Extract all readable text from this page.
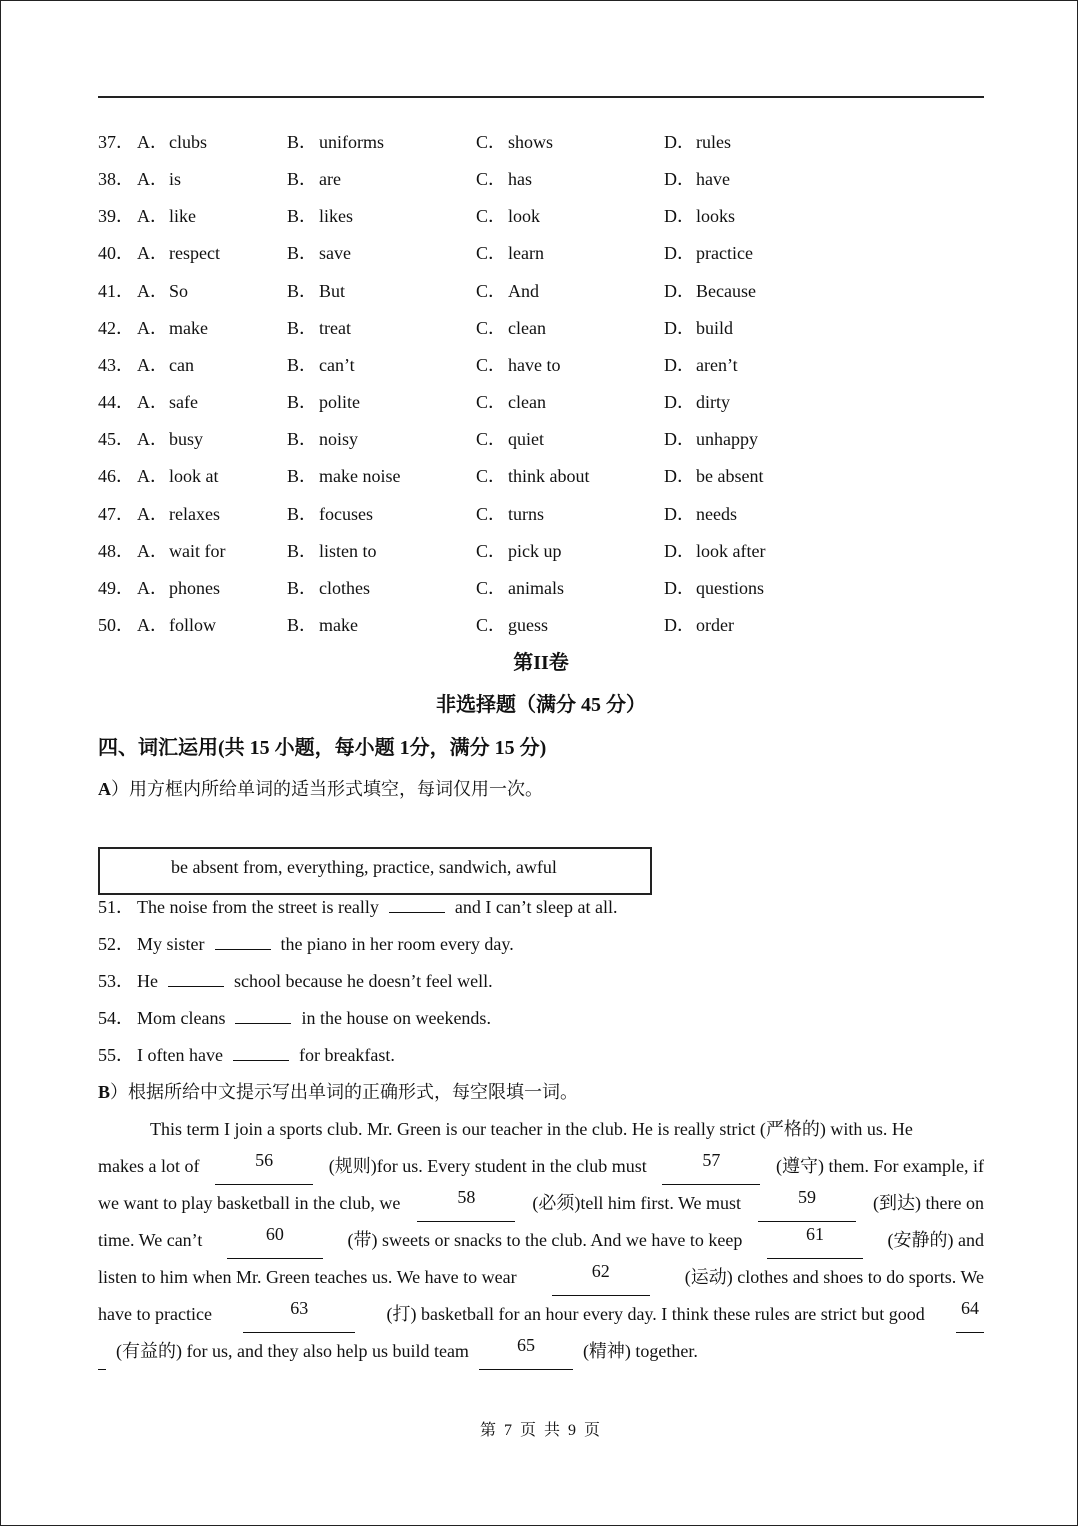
37． A．clubs	B． uniforms	C． shows	D．rules
38． A．is	B． are	C． has	D．have
39． A．like	B． likes	C． look	D．looks
40． A．respect	B． save	C． learn	D．practice
41． A．So	B． But	C． And	D．Because
42． A．make	B． treat	C． clean	D．build
43． A．can	B． can’t	C． have to	D．aren’t
44． A．safe	B． polite	C． clean	D．dirty
45． A．busy	B． noisy	C． quiet	D．unhappy
46． A．look at	B． make noise	C． think about	D．be absent
47． A．relaxes	B． focuses	C． turns	D．needs
48． A．wait for	B． listen to	C． pick up	D．look after
49． A．phones	B． clothes	C． animals	D．questions
50． A．follow	B． make	C． guess	D．order
第II卷
非选择题（满分 45 分）
四、词汇运用(共 15 小题，每小题 1分，满分 15 分)
A）用方框内所给单词的适当形式填空，每词仅用一次。
be absent from, everything, practice, sandwich, awful
51． The noise from the street is really	and I can’t sleep at all.
52． My sister	the piano in her room every day.
53． He	school because he doesn’t feel well.
54． Mom cleans	in the house on weekends.
55． I often have	for breakfast.
B）根据所给中文提示写出单词的正确形式，每空限填一词。
This term I join a sports club. Mr. Green is our teacher in the club. He is really strict (严格的) with us. He
makes a lot of	56	(规则)for us. Every student in the club must	57	(遵守) them. For example, if
we want to play basketball in the club, we	58	(必须)tell him first. We must	59	(到达) there on
time. We can’t	60	(带) sweets or snacks to the club. And we have to keep	61	(安静的) and
listen to him when Mr. Green teaches us. We have to wear	62	(运动) clothes and shoes to do sports. We
have to practice	63	(打) basketball for an hour every day. I think these rules are strict but good 64
(有益的) for us, and they also help us build team	65	(精神) together.
第 7 页 共 9 页
